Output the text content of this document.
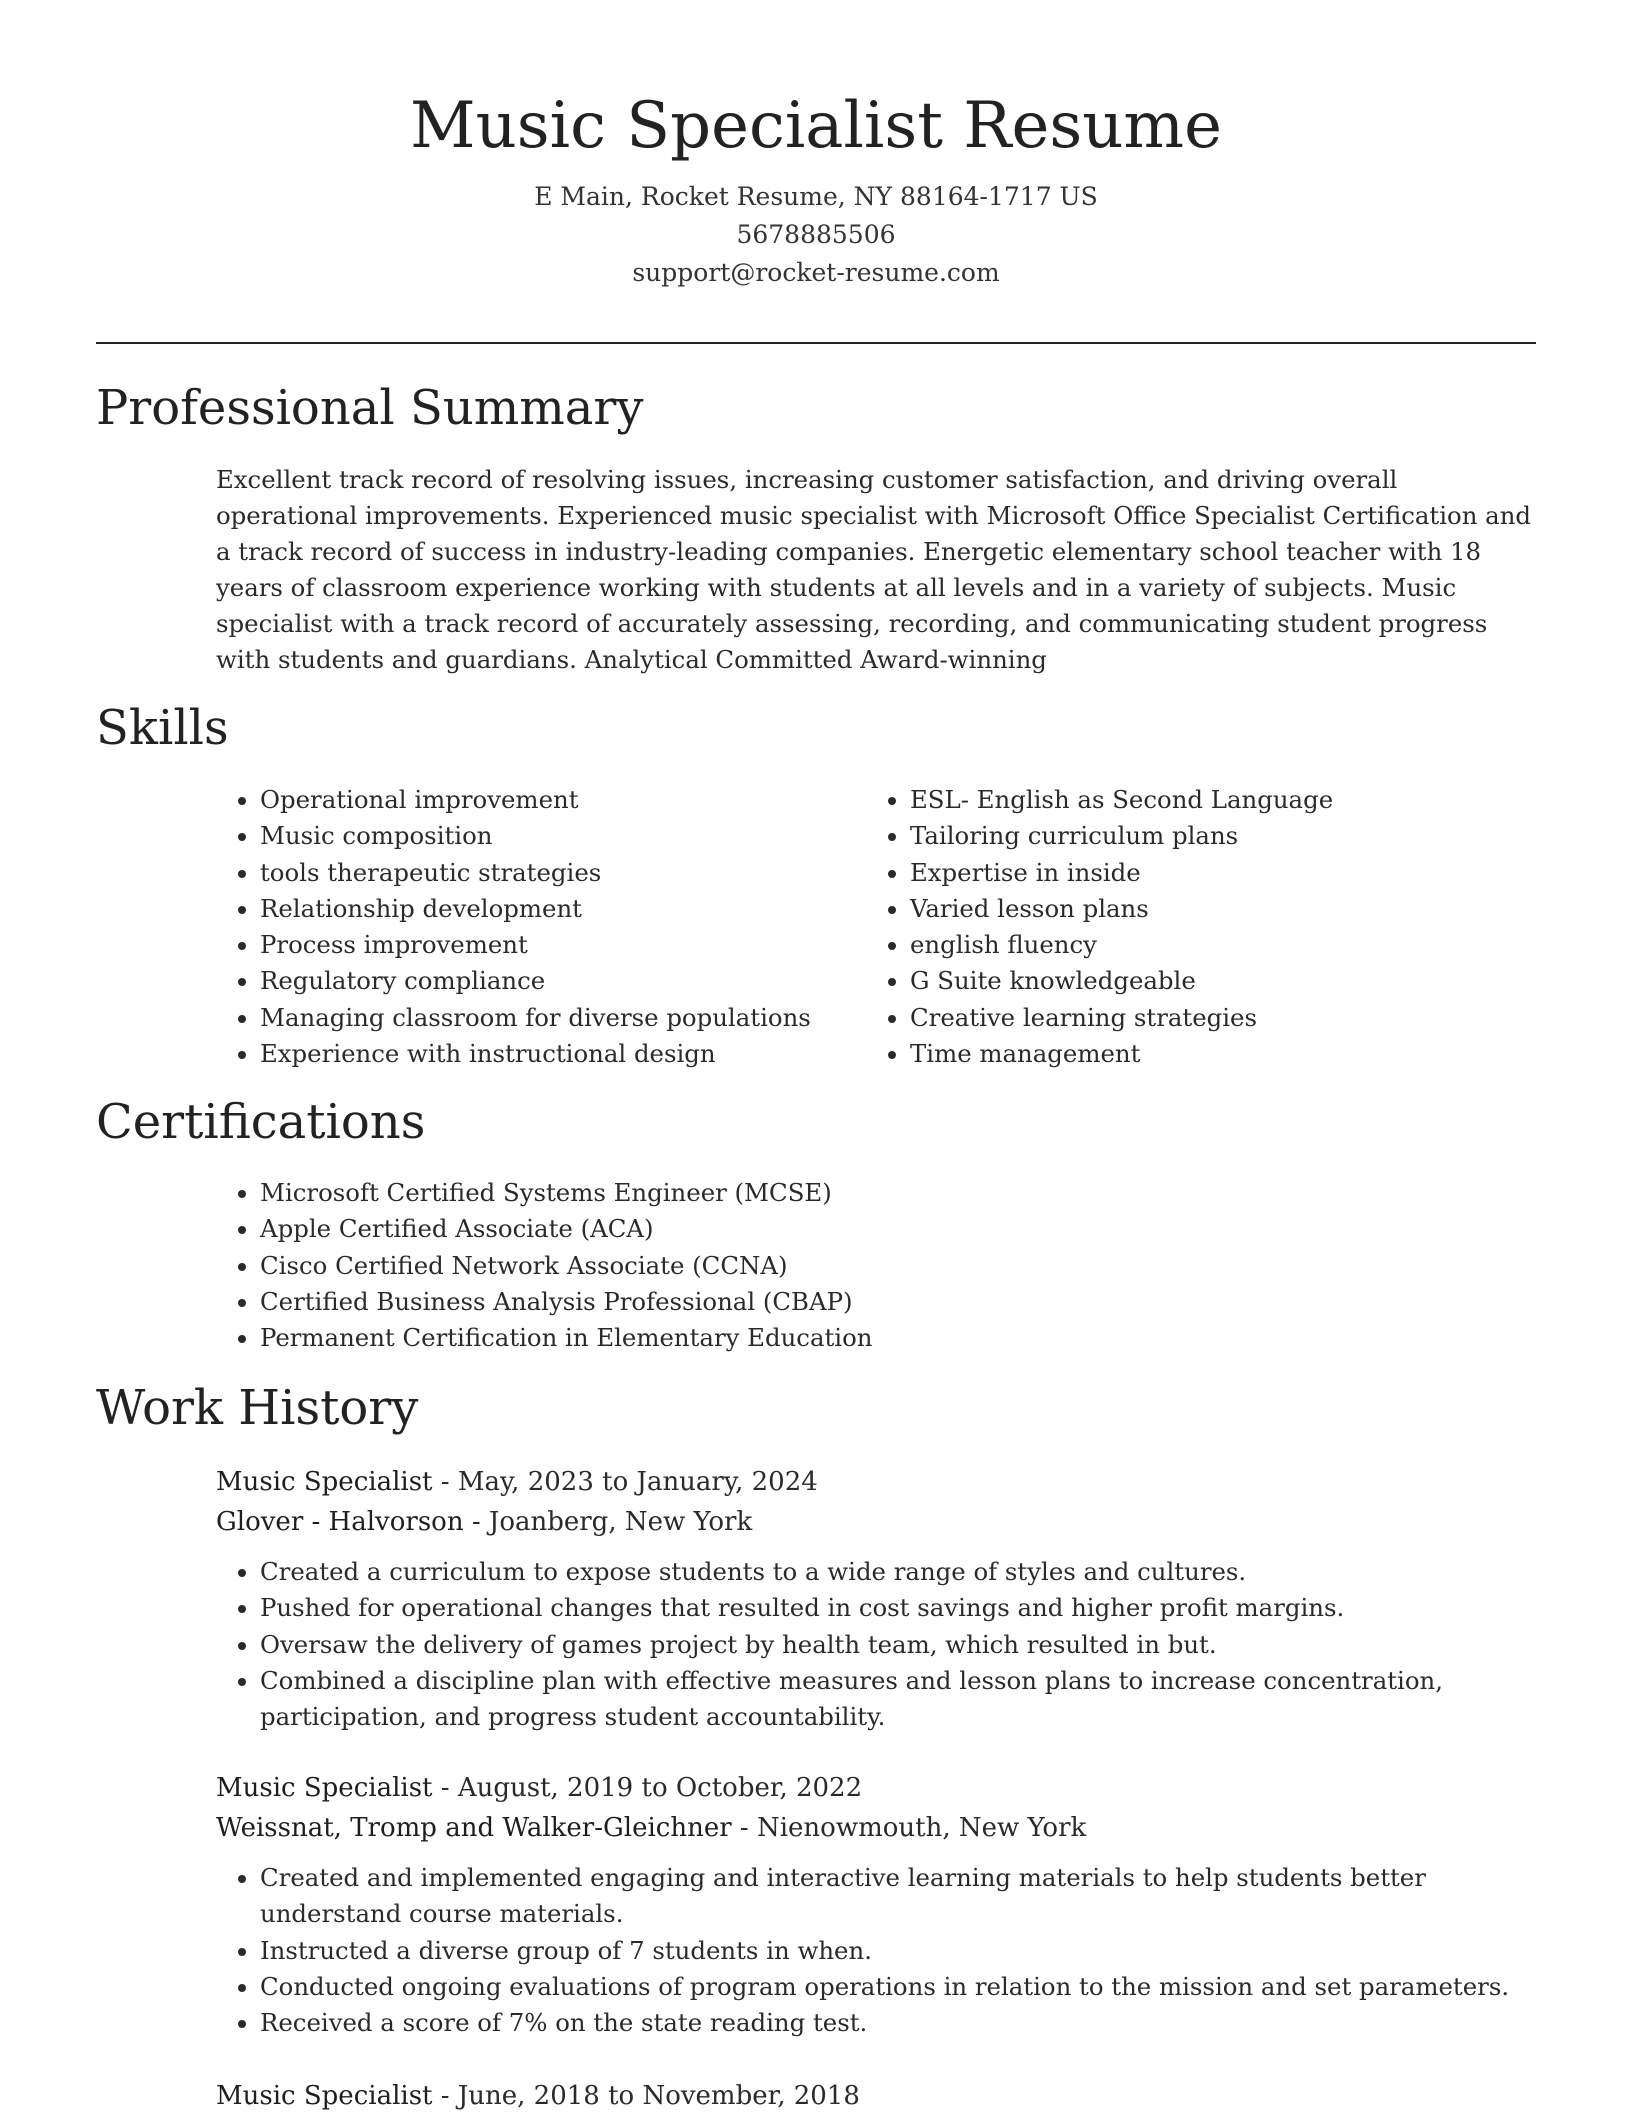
Music Specialist Resume
E Main, Rocket Resume, NY 88164-1717 US
5678885506
support@rocket-resume.com
Professional Summary

Excellent track record of resolving issues, increasing customer satisfaction, and driving overall operational improvements. Experienced music specialist with Microsoft Office Specialist Certification and a track record of success in industry-leading companies. Energetic elementary school teacher with 18 years of classroom experience working with students at all levels and in a variety of subjects. Music specialist with a track record of accurately assessing, recording, and communicating student progress with students and guardians. Analytical Committed Award-winning

Skills
• Operational improvement
• Music composition
• tools therapeutic strategies
• Relationship development
• Process improvement
• Regulatory compliance
• Managing classroom for diverse populations
• Experience with instructional design
• ESL- English as Second Language
• Tailoring curriculum plans
• Expertise in inside
• Varied lesson plans
• english fluency
• G Suite knowledgeable
• Creative learning strategies
• Time management
Certifications
• Microsoft Certified Systems Engineer (MCSE)
• Apple Certified Associate (ACA)
• Cisco Certified Network Associate (CCNA)
• Certified Business Analysis Professional (CBAP)
• Permanent Certification in Elementary Education
Work History
Music Specialist - May, 2023 to January, 2024
Glover - Halvorson - Joanberg, New York
• Created a curriculum to expose students to a wide range of styles and cultures.
• Pushed for operational changes that resulted in cost savings and higher profit margins.
• Oversaw the delivery of games project by health team, which resulted in but.
• Combined a discipline plan with effective measures and lesson plans to increase concentration, participation, and progress student accountability.
Music Specialist - August, 2019 to October, 2022
Weissnat, Tromp and Walker-Gleichner - Nienowmouth, New York
• Created and implemented engaging and interactive learning materials to help students better understand course materials.
• Instructed a diverse group of 7 students in when.
• Conducted ongoing evaluations of program operations in relation to the mission and set parameters.
• Received a score of 7% on the state reading test.
Music Specialist - June, 2018 to November, 2018
